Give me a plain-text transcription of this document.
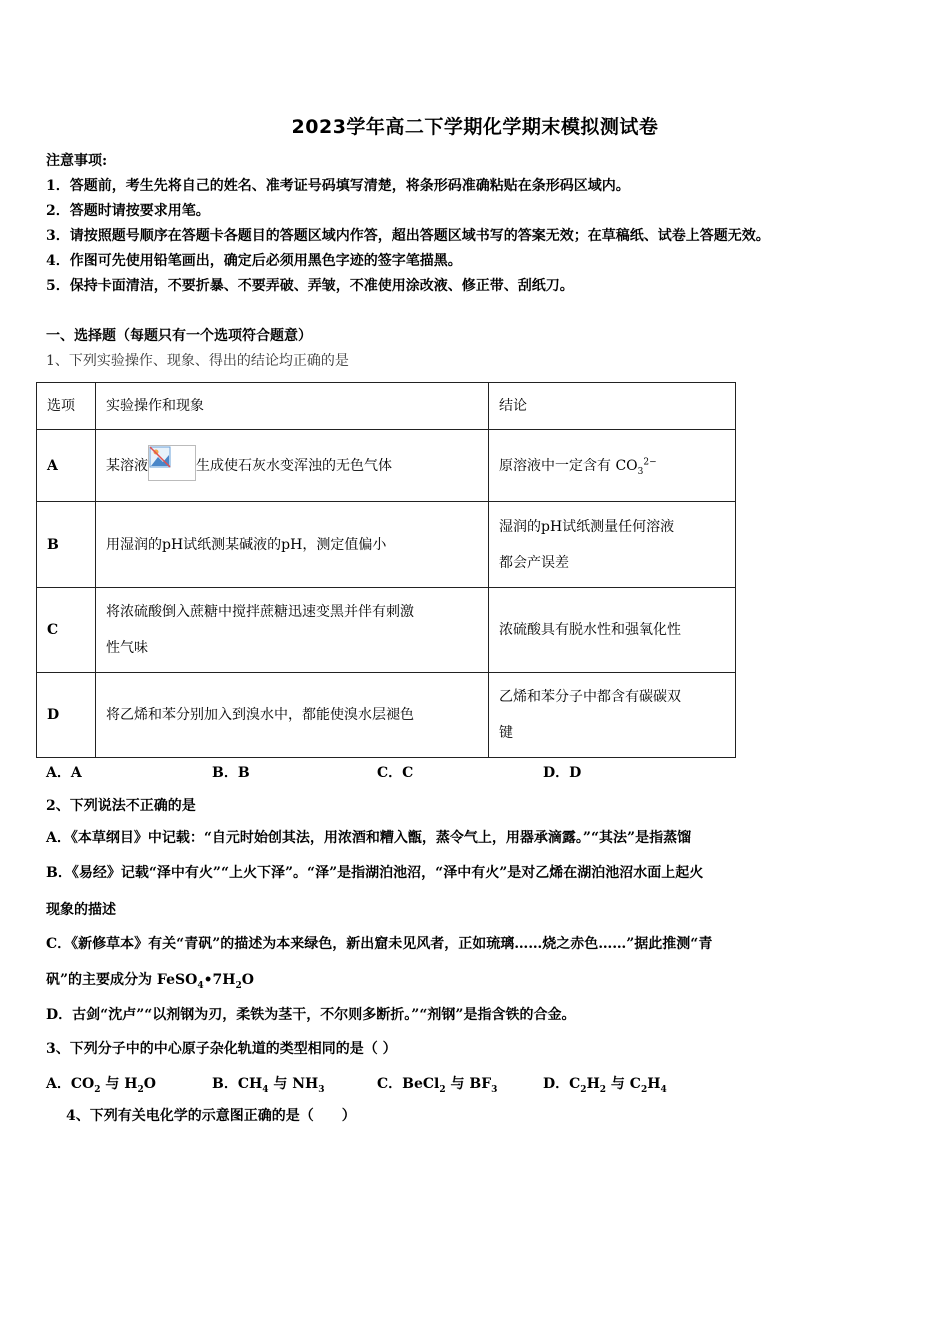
2023学年高二下学期化学期末模拟测试卷
注意事项:
1．答题前，考生先将自己的姓名、准考证号码填写清楚，将条形码准确粘贴在条形码区域内。
2．答题时请按要求用笔。
3．请按照题号顺序在答题卡各题目的答题区域内作答，超出答题区域书写的答案无效；在草稿纸、试卷上答题无效。
4．作图可先使用铅笔画出，确定后必须用黑色字迹的签字笔描黑。
5．保持卡面清洁，不要折暴、不要弄破、弄皱，不准使用涂改液、修正带、刮纸刀。
一、选择题（每题只有一个选项符合题意）
1、下列实验操作、现象、得出的结论均正确的是
选项	实验操作和现象	结论
A	某溶液 生成使石灰水变浑浊的无色气体	原溶液中一定含有 $CO_3^{2-}$
B	用湿润的pH试纸测某碱液的pH，测定值偏小	湿润的pH试纸测量任何溶液
都会产误差

C	将浓硫酸倒入蔗糖中搅拌蔗糖迅速变黑并伴有刺激
性气味	浓硫酸具有脱水性和强氧化性
D	将乙烯和苯分别加入到溴水中，都能使溴水层褪色	乙烯和苯分子中都含有碳碳双
键
A．A	B．B	C．C	D．D
2、下列说法不正确的是
A．《本草纲目》中记载：“自元时始创其法，用浓酒和糟入甑，蒸令气上，用器承滴露。”“其法”是指蒸馏
B．《易经》记载“泽中有火”“上火下泽”。“泽”是指湖泊池沼，“泽中有火”是对乙烯在湖泊池沼水面上起火
现象的描述
C．《新修草本》有关“青矾”的描述为本来绿色，新出窟未见风者，正如琉璃……烧之赤色……”据此推测“青
矾”的主要成分为 $FeSO_4•7H_2O$
D．古剑“沈卢”“以剂钢为刃，柔铁为茎干，不尔则多断折。”“剂钢”是指含铁的合金。
3、下列分子中的中心原子杂化轨道的类型相同的是（ ）
A．$CO_2$ 与 $H_2O$	B．$CH_4$ 与 $NH_3$	C．BeCl$_2$ 与 $BF_3$	D．$C_2H_2$ 与 $C_2H_4$
4、下列有关电化学的示意图正确的是（　　）
